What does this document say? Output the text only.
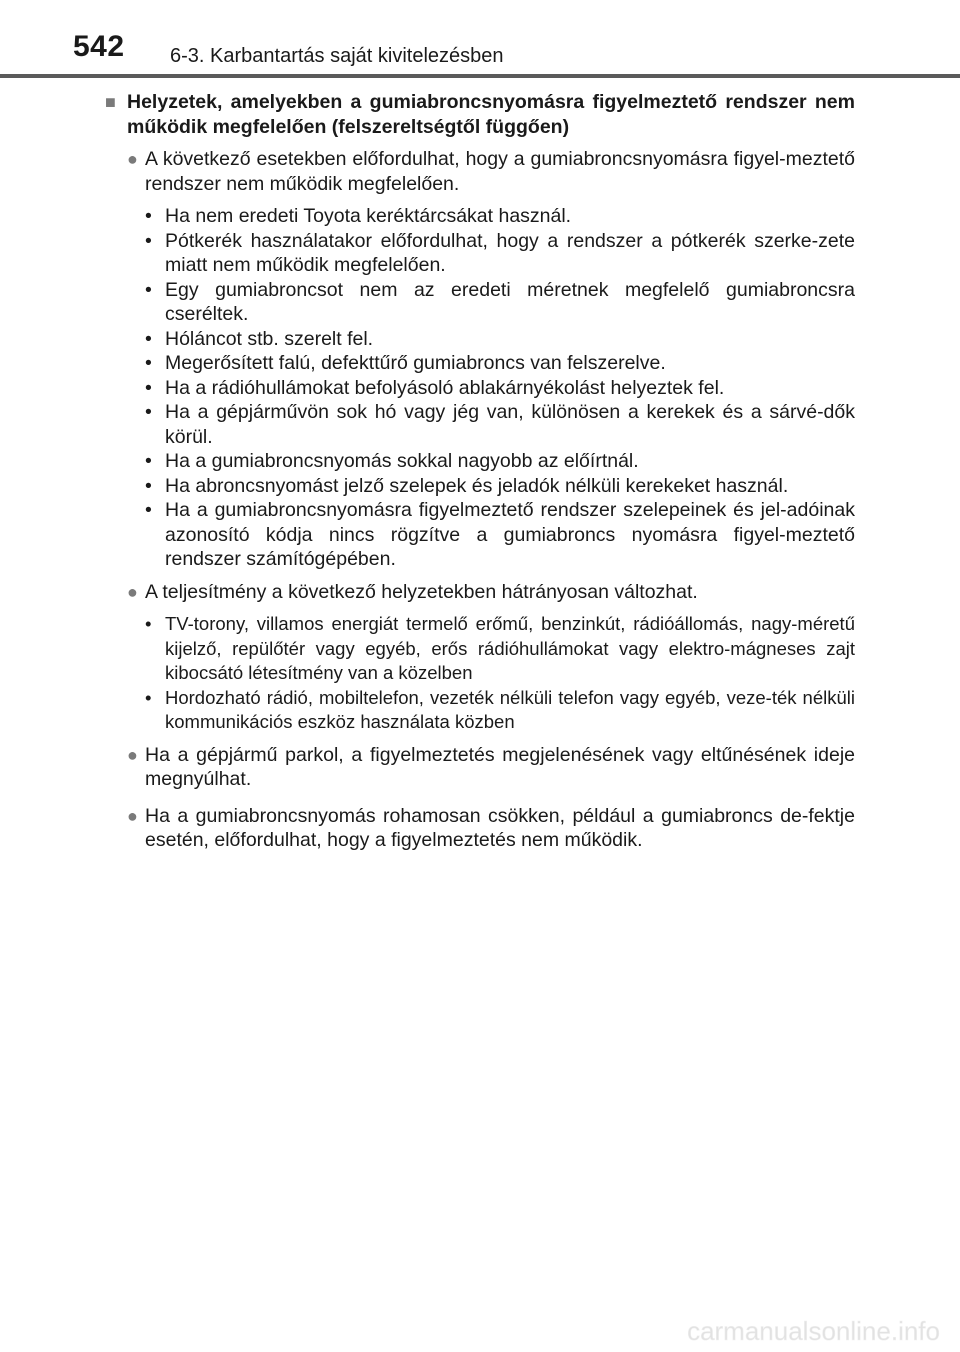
542 6-3. Karbantartás saját kivitelezésben
■ Helyzetek, amelyekben a gumiabroncsnyomásra figyelmeztető rendszer nem működik megfelelően (felszereltségtől függően)
● A következő esetekben előfordulhat, hogy a gumiabroncsnyomásra figyel-meztető rendszer nem működik megfelelően.
• Ha nem eredeti Toyota keréktárcsákat használ.
• Pótkerék használatakor előfordulhat, hogy a rendszer a pótkerék szerke-zete miatt nem működik megfelelően.
• Egy gumiabroncsot nem az eredeti méretnek megfelelő gumiabroncsra cseréltek.
• Hóláncot stb. szerelt fel.
• Megerősített falú, defekttűrő gumiabroncs van felszerelve.
• Ha a rádióhullámokat befolyásoló ablakárnyékolást helyeztek fel.
• Ha a gépjárművön sok hó vagy jég van, különösen a kerekek és a sárvé-dők körül.
• Ha a gumiabroncsnyomás sokkal nagyobb az előírtnál.
• Ha abroncsnyomást jelző szelepek és jeladók nélküli kerekeket használ.
• Ha a gumiabroncsnyomásra figyelmeztető rendszer szelepeinek és jel-adóinak azonosító kódja nincs rögzítve a gumiabroncs nyomásra figyel-meztető rendszer számítógépében.
● A teljesítmény a következő helyzetekben hátrányosan változhat.
• TV-torony, villamos energiát termelő erőmű, benzinkút, rádióállomás, nagy-méretű kijelző, repülőtér vagy egyéb, erős rádióhullámokat vagy elektro-mágneses zajt kibocsátó létesítmény van a közelben
• Hordozható rádió, mobiltelefon, vezeték nélküli telefon vagy egyéb, veze-ték nélküli kommunikációs eszköz használata közben
● Ha a gépjármű parkol, a figyelmeztetés megjelenésének vagy eltűnésének ideje megnyúlhat.
● Ha a gumiabroncsnyomás rohamosan csökken, például a gumiabroncs de-fektje esetén, előfordulhat, hogy a figyelmeztetés nem működik.
carmanualsonline.info
